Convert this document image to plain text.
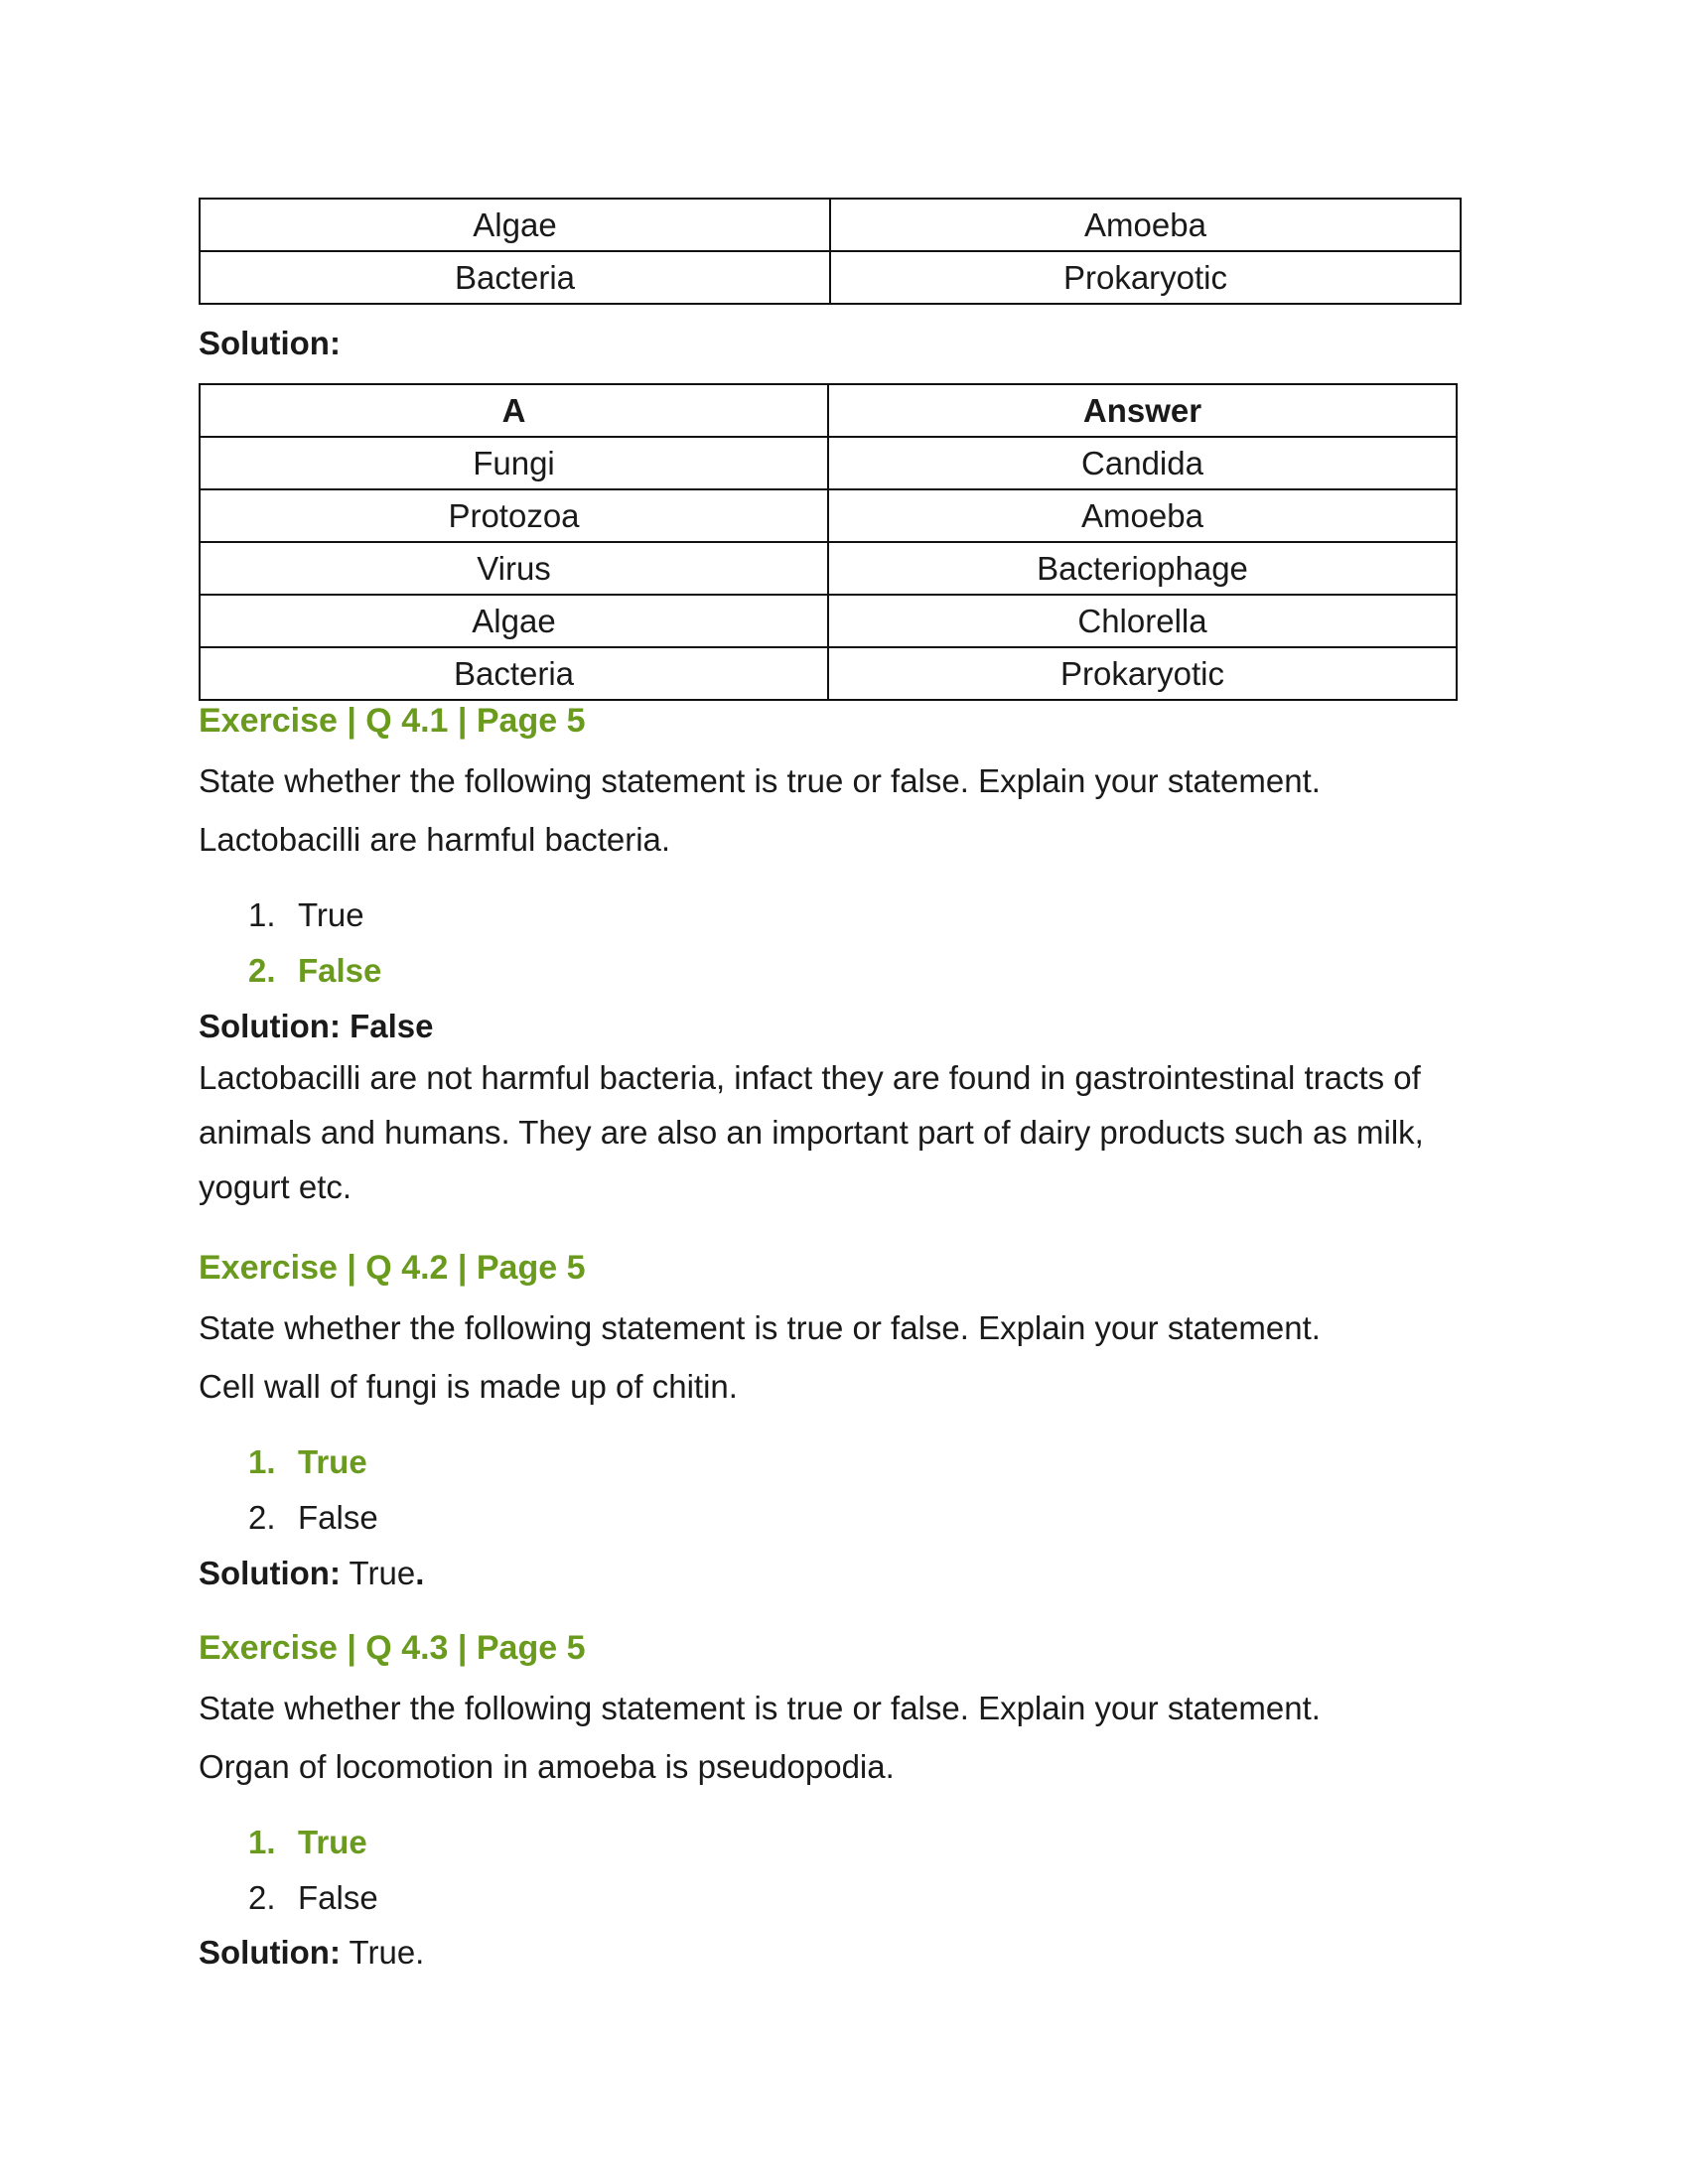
Algae	Amoeba
Bacteria	Prokaryotic
Solution:
A	Answer
Fungi	Candida
Protozoa	Amoeba
Virus	Bacteriophage
Algae	Chlorella
Bacteria	Prokaryotic
Exercise | Q 4.1 | Page 5
State whether the following statement is true or false. Explain your statement.
Lactobacilli are harmful bacteria.
1. True
2. False
Solution: False
Lactobacilli are not harmful bacteria, infact they are found in gastrointestinal tracts of animals and humans. They are also an important part of dairy products such as milk, yogurt etc.
Exercise | Q 4.2 | Page 5
State whether the following statement is true or false. Explain your statement.
Cell wall of fungi is made up of chitin.
1. True
2. False
Solution: True.
Exercise | Q 4.3 | Page 5
State whether the following statement is true or false. Explain your statement.
Organ of locomotion in amoeba is pseudopodia.
1. True
2. False
Solution: True.
